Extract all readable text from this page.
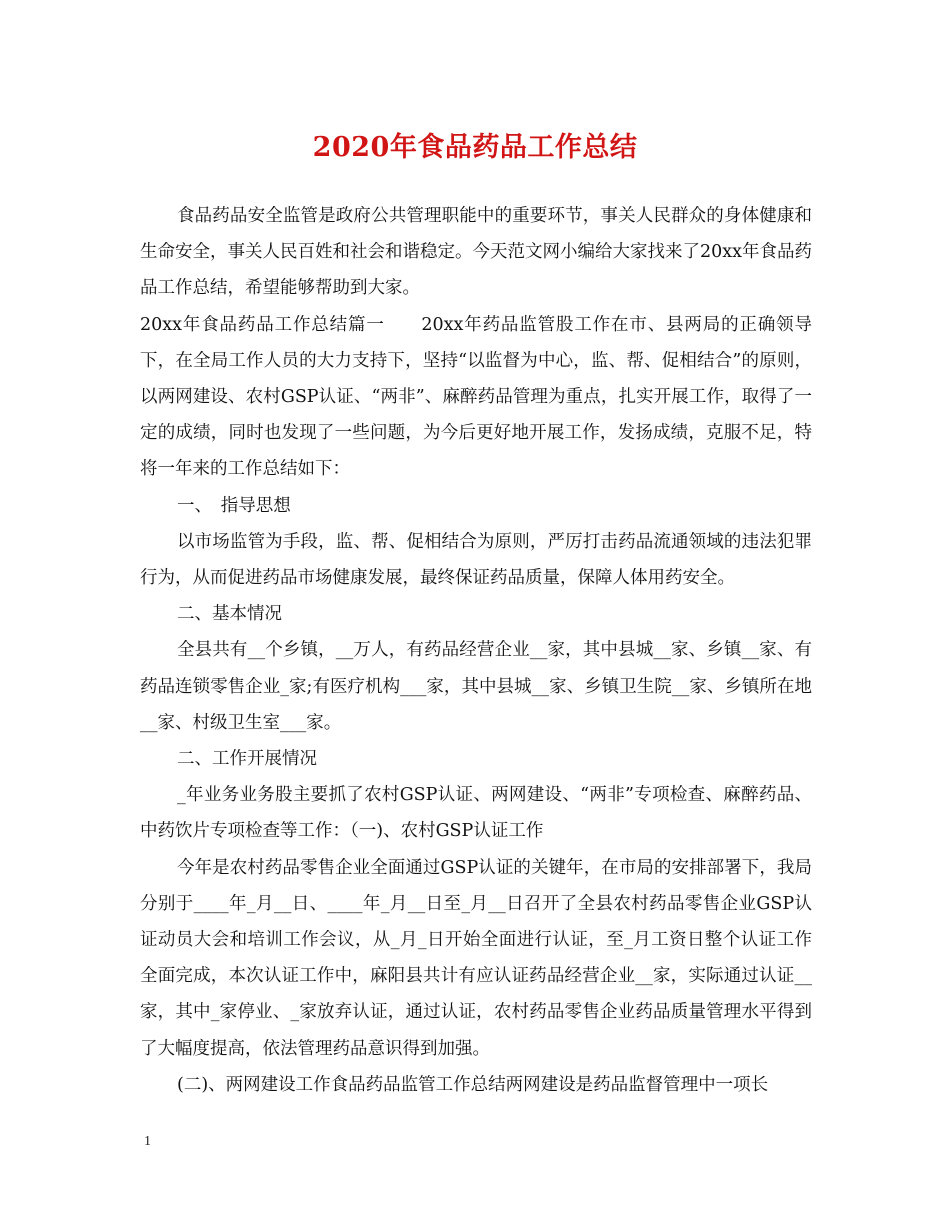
2020年食品药品工作总结

食品药品安全监管是政府公共管理职能中的重要环节，事关人民群众的身体健康和生命安全，事关人民百姓和社会和谐稳定。今天范文网小编给大家找来了20xx年食品药品工作总结，希望能够帮助到大家。

20xx年食品药品工作总结篇一　　20xx年药品监管股工作在市、县两局的正确领导下，在全局工作人员的大力支持下，坚持“以监督为中心，监、帮、促相结合”的原则，以两网建设、农村GSP认证、“两非”、麻醉药品管理为重点，扎实开展工作，取得了一定的成绩，同时也发现了一些问题，为今后更好地开展工作，发扬成绩，克服不足，特将一年来的工作总结如下：

一、　指导思想

以市场监管为手段，监、帮、促相结合为原则，严厉打击药品流通领域的违法犯罪行为，从而促进药品市场健康发展，最终保证药品质量，保障人体用药安全。

二、基本情况

全县共有__个乡镇，__万人，有药品经营企业__家，其中县城__家、乡镇__家、有药品连锁零售企业_家;有医疗机构___家，其中县城__家、乡镇卫生院__家、乡镇所在地__家、村级卫生室___家。

二、工作开展情况

_年业务业务股主要抓了农村GSP认证、两网建设、“两非”专项检查、麻醉药品、中药饮片专项检查等工作：（一)、农村GSP认证工作

今年是农村药品零售企业全面通过GSP认证的关键年，在市局的安排部署下，我局分别于____年_月__日、____年_月__日至_月__日召开了全县农村药品零售企业GSP认证动员大会和培训工作会议，从_月_日开始全面进行认证，至_月工资日整个认证工作全面完成，本次认证工作中，麻阳县共计有应认证药品经营企业__家，实际通过认证__家，其中_家停业、_家放弃认证，通过认证，农村药品零售企业药品质量管理水平得到了大幅度提高，依法管理药品意识得到加强。

(二)、两网建设工作食品药品监管工作总结两网建设是药品监督管理中一项长

1
